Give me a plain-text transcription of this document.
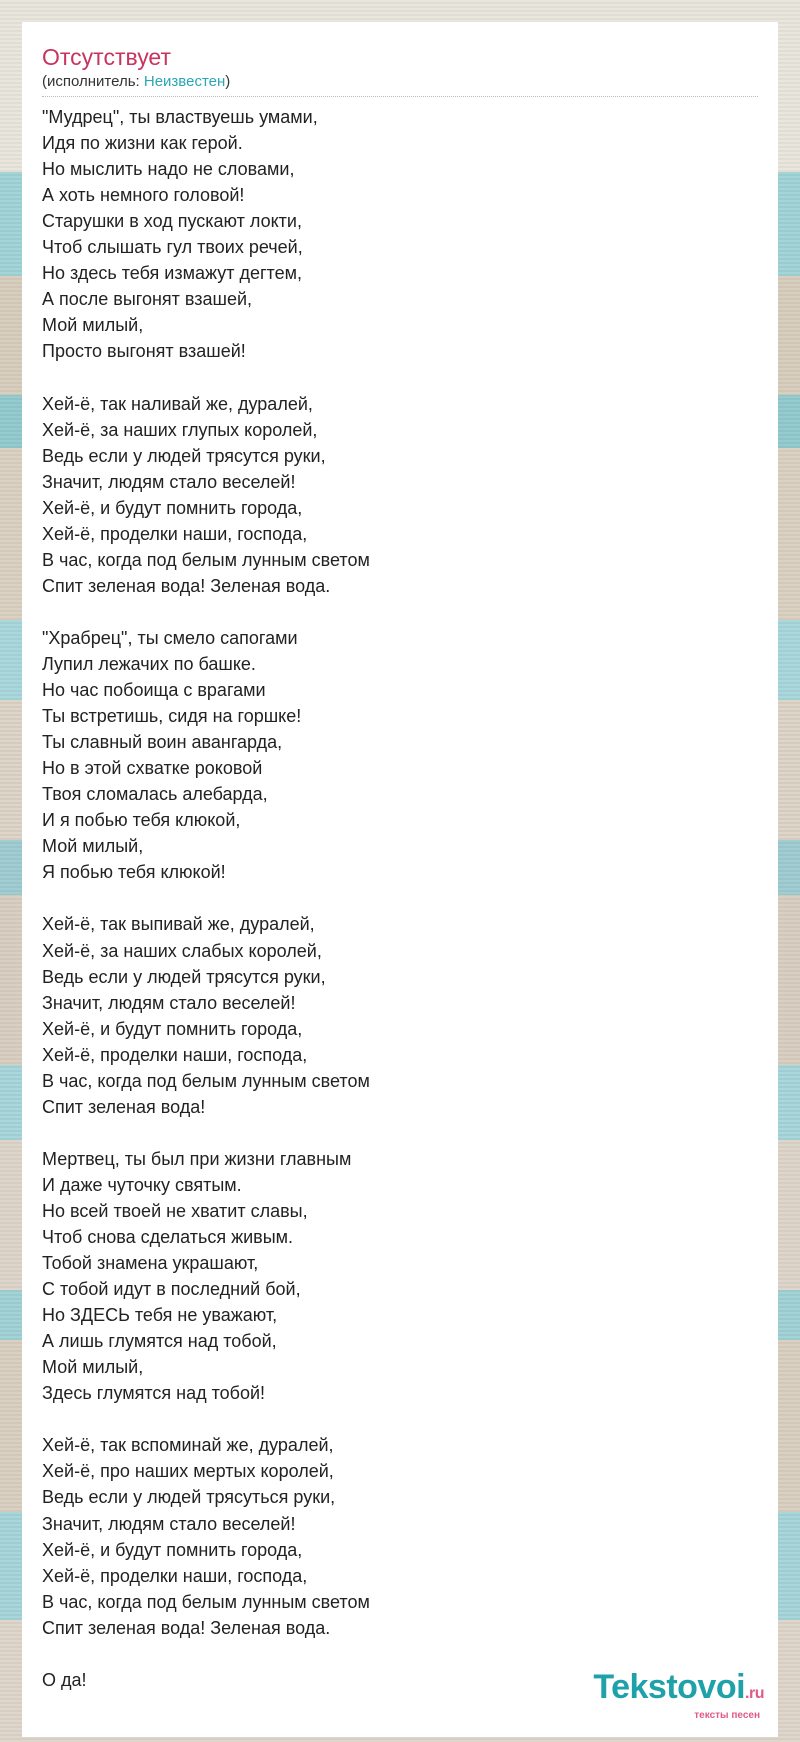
Отсутствует
(исполнитель: Неизвестен)
"Мудрец", ты властвуешь умами,
Идя по жизни как герой.
Но мыслить надо не словами,
А хоть немного головой!
Старушки в ход пускают локти,
Чтоб слышать гул твоих речей,
Но здесь тебя измажут дегтем,
А после выгонят взашей,
Мой милый,
Просто выгонят взашей!
Хей-ё, так наливай же, дуралей,
Хей-ё, за наших глупых королей,
Ведь если у людей трясутся руки,
Значит, людям стало веселей!
Хей-ё, и будут помнить города,
Хей-ё, проделки наши, господа,
В час, когда под белым лунным светом
Спит зеленая вода! Зеленая вода.
"Храбрец", ты смело сапогами
Лупил лежачих по башке.
Но час побоища с врагами
Ты встретишь, сидя на горшке!
Ты славный воин авангарда,
Но в этой схватке роковой
Твоя сломалась алебарда,
И я побью тебя клюкой,
Мой милый,
Я побью тебя клюкой!
Хей-ё, так выпивай же, дуралей,
Хей-ё, за наших слабых королей,
Ведь если у людей трясутся руки,
Значит, людям стало веселей!
Хей-ё, и будут помнить города,
Хей-ё, проделки наши, господа,
В час, когда под белым лунным светом
Спит зеленая вода!
Мертвец, ты был при жизни главным
И даже чуточку святым.
Но всей твоей не хватит славы,
Чтоб снова сделаться живым.
Тобой знамена украшают,
С тобой идут в последний бой,
Но ЗДЕСЬ тебя не уважают,
А лишь глумятся над тобой,
Мой милый,
Здесь глумятся над тобой!
Хей-ё, так вспоминай же, дуралей,
Хей-ё, про наших мертых королей,
Ведь если у людей трясуться руки,
Значит, людям стало веселей!
Хей-ё, и будут помнить города,
Хей-ё, проделки наши, господа,
В час, когда под белым лунным светом
Спит зеленая вода! Зеленая вода.
О да!	Tekstovoi.ru
тексты песен
